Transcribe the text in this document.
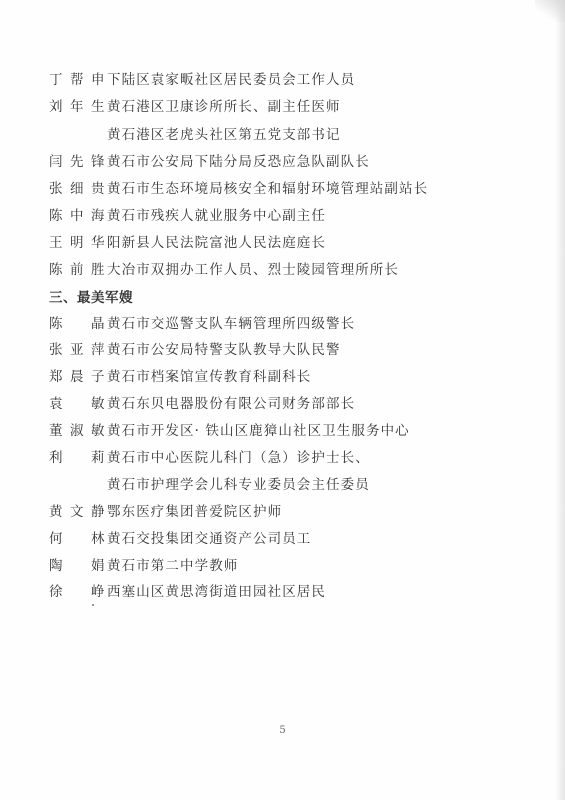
丁帮申 下陆区袁家畈社区居民委员会工作人员
刘年生 黄石港区卫康诊所所长、副主任医师
黄石港区老虎头社区第五党支部书记
闫先锋 黄石市公安局下陆分局反恐应急队副队长
张细贵 黄石市生态环境局核安全和辐射环境管理站副站长
陈中海 黄石市残疾人就业服务中心副主任
王明华 阳新县人民法院富池人民法庭庭长
陈前胜 大冶市双拥办工作人员、烈士陵园管理所所长
三、最美军嫂
陈晶 黄石市交巡警支队车辆管理所四级警长
张亚萍 黄石市公安局特警支队教导大队民警
郑晨子 黄石市档案馆宣传教育科副科长
袁敏 黄石东贝电器股份有限公司财务部部长
董淑敏 黄石市开发区· 铁山区鹿獐山社区卫生服务中心
利莉 黄石市中心医院儿科门（急）诊护士长、
黄石市护理学会儿科专业委员会主任委员
黄文静 鄂东医疗集团普爱院区护师
何林 黄石交投集团交通资产公司员工
陶娟 黄石市第二中学教师
徐峥 西塞山区黄思湾街道田园社区居民
5
